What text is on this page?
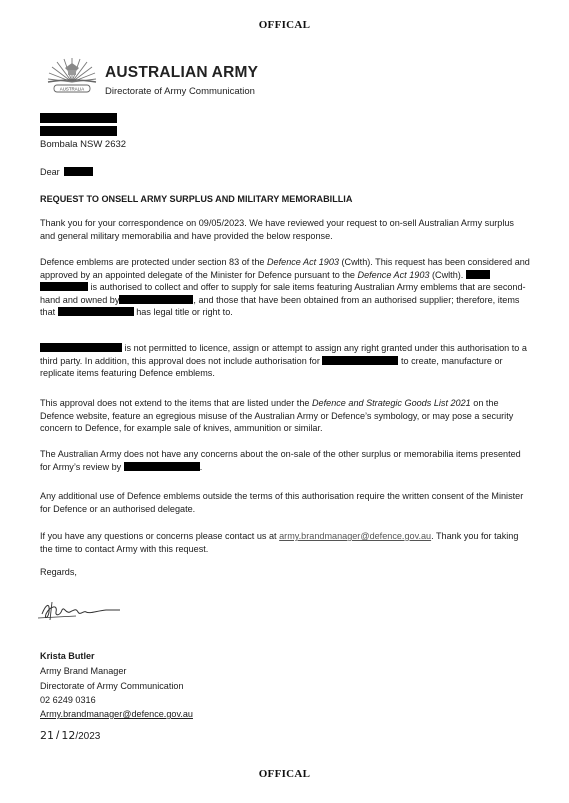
OFFICAL
AUSTRALIA
AUSTRALIAN ARMY
Directorate of Army Communication
Bombala NSW 2632
Dear
REQUEST TO ONSELL ARMY SURPLUS AND MILITARY MEMORABILLIA
Thank you for your correspondence on 09/05/2023. We have reviewed your request to on-sell Australian Army surplus and general military memorabilia and have provided the below response.
Defence emblems are protected under section 83 of the Defence Act 1903 (Cwlth). This request has been considered and approved by an appointed delegate of the Minister for Defence pursuant to the Defence Act 1903 (Cwlth).   is authorised to collect and offer to supply for sale items featuring Australian Army emblems that are second-hand and owned by	, and those that have been obtained from an authorised supplier; therefore, items that	has legal title or right to.
is not permitted to licence, assign or attempt to assign any right granted under this authorisation to a third party. In addition, this approval does not include authorisation for	to create, manufacture or replicate items featuring Defence emblems.
This approval does not extend to the items that are listed under the Defence and Strategic Goods List 2021 on the Defence website, feature an egregious misuse of the Australian Army or Defence’s symbology, or may pose a security concern to Defence, for example sale of knives, ammunition or similar.
The Australian Army does not have any concerns about the on-sale of the other surplus or memorabilia items presented for Army’s review by	.
Any additional use of Defence emblems outside the terms of this authorisation require the written consent of the Minister for Defence or an authorised delegate.
If you have any questions or concerns please contact us at army.brandmanager@defence.gov.au. Thank you for taking the time to contact Army with this request.
Regards,
Krista Butler
Army Brand Manager
Directorate of Army Communication
02 6249 0316
Army.brandmanager@defence.gov.au
21 / 12/2023
OFFICAL
